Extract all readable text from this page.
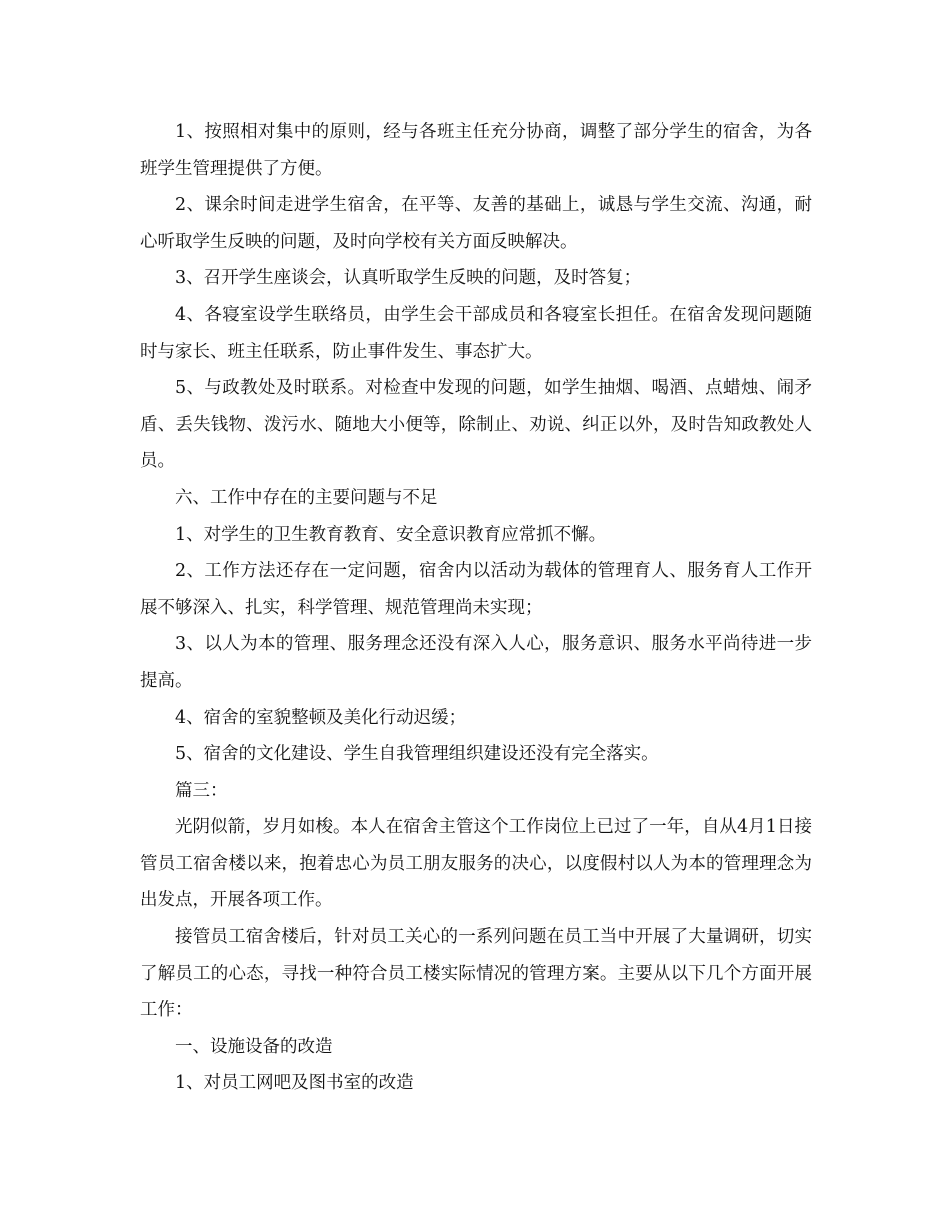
1、按照相对集中的原则，经与各班主任充分协商，调整了部分学生的宿舍，为各班学生管理提供了方便。

2、课余时间走进学生宿舍，在平等、友善的基础上，诚恳与学生交流、沟通，耐心听取学生反映的问题，及时向学校有关方面反映解决。

3、召开学生座谈会，认真听取学生反映的问题，及时答复；

4、各寝室设学生联络员，由学生会干部成员和各寝室长担任。在宿舍发现问题随时与家长、班主任联系，防止事件发生、事态扩大。

5、与政教处及时联系。对检查中发现的问题，如学生抽烟、喝酒、点蜡烛、闹矛盾、丢失钱物、泼污水、随地大小便等，除制止、劝说、纠正以外，及时告知政教处人员。

六、工作中存在的主要问题与不足

1、对学生的卫生教育教育、安全意识教育应常抓不懈。

2、工作方法还存在一定问题，宿舍内以活动为载体的管理育人、服务育人工作开展不够深入、扎实，科学管理、规范管理尚未实现；

3、以人为本的管理、服务理念还没有深入人心，服务意识、服务水平尚待进一步提高。

4、宿舍的室貌整顿及美化行动迟缓；

5、宿舍的文化建设、学生自我管理组织建设还没有完全落实。

篇三：

光阴似箭，岁月如梭。本人在宿舍主管这个工作岗位上已过了一年，自从4月1日接管员工宿舍楼以来，抱着忠心为员工朋友服务的决心，以度假村以人为本的管理理念为出发点，开展各项工作。

接管员工宿舍楼后，针对员工关心的一系列问题在员工当中开展了大量调研，切实了解员工的心态，寻找一种符合员工楼实际情况的管理方案。主要从以下几个方面开展工作：

一、设施设备的改造

1、对员工网吧及图书室的改造
